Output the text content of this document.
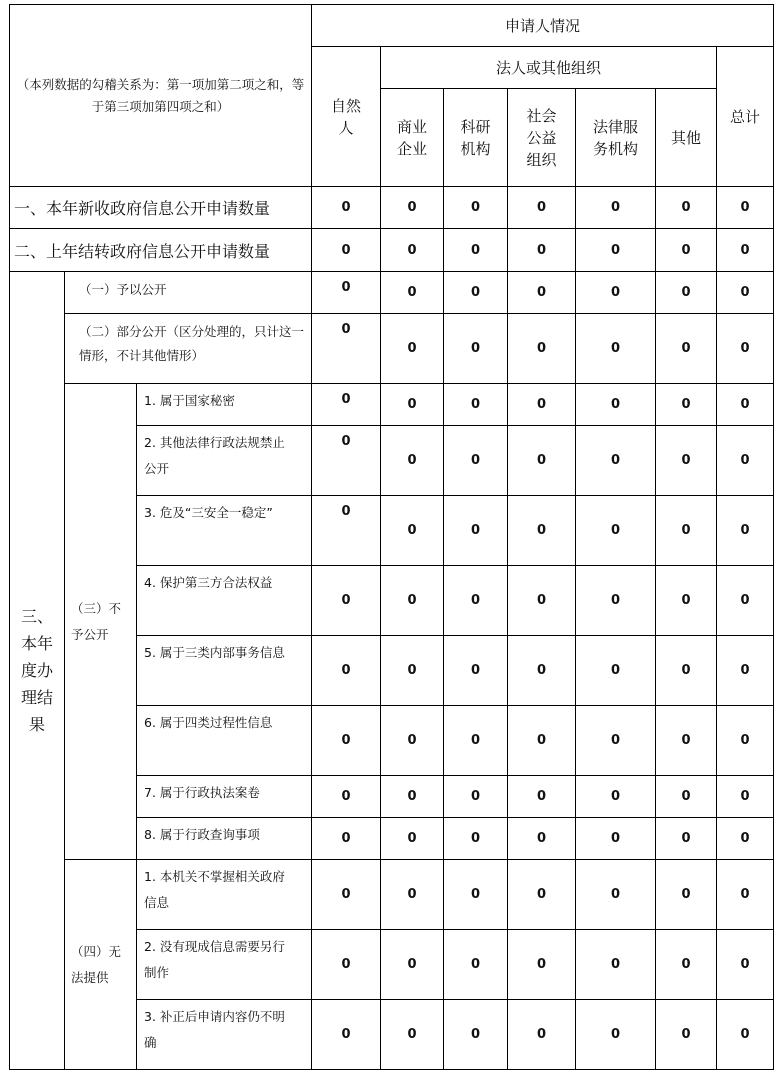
（本列数据的勾稽关系为：第一项加第二项之和，等于第三项加第四项之和）			申请人情况						
			自然人	法人或其他组织					总计
				商业企业	科研机构	社会公益组织	法律服务机构	其他	
一、本年新收政府信息公开申请数量			0	0	0	0	0	0	0
二、上年结转政府信息公开申请数量			0	0	0	0	0	0	0
三、本年度办理结果	（一）予以公开		0	0	0	0	0	0	0
	（二）部分公开（区分处理的，只计这一情形，不计其他情形）		0	0	0	0	0	0	0
	（三）不予公开	1. 属于国家秘密	0	0	0	0	0	0	0
		2. 其他法律行政法规禁止公开	0	0	0	0	0	0	0
		3. 危及“三安全一稳定”	0	0	0	0	0	0	0
		4. 保护第三方合法权益	0	0	0	0	0	0	0
		5. 属于三类内部事务信息	0	0	0	0	0	0	0
		6. 属于四类过程性信息	0	0	0	0	0	0	0
		7. 属于行政执法案卷	0	0	0	0	0	0	0
		8. 属于行政查询事项	0	0	0	0	0	0	0
	（四）无法提供	1. 本机关不掌握相关政府信息	0	0	0	0	0	0	0
		2. 没有现成信息需要另行制作	0	0	0	0	0	0	0
		3. 补正后申请内容仍不明确	0	0	0	0	0	0	0
